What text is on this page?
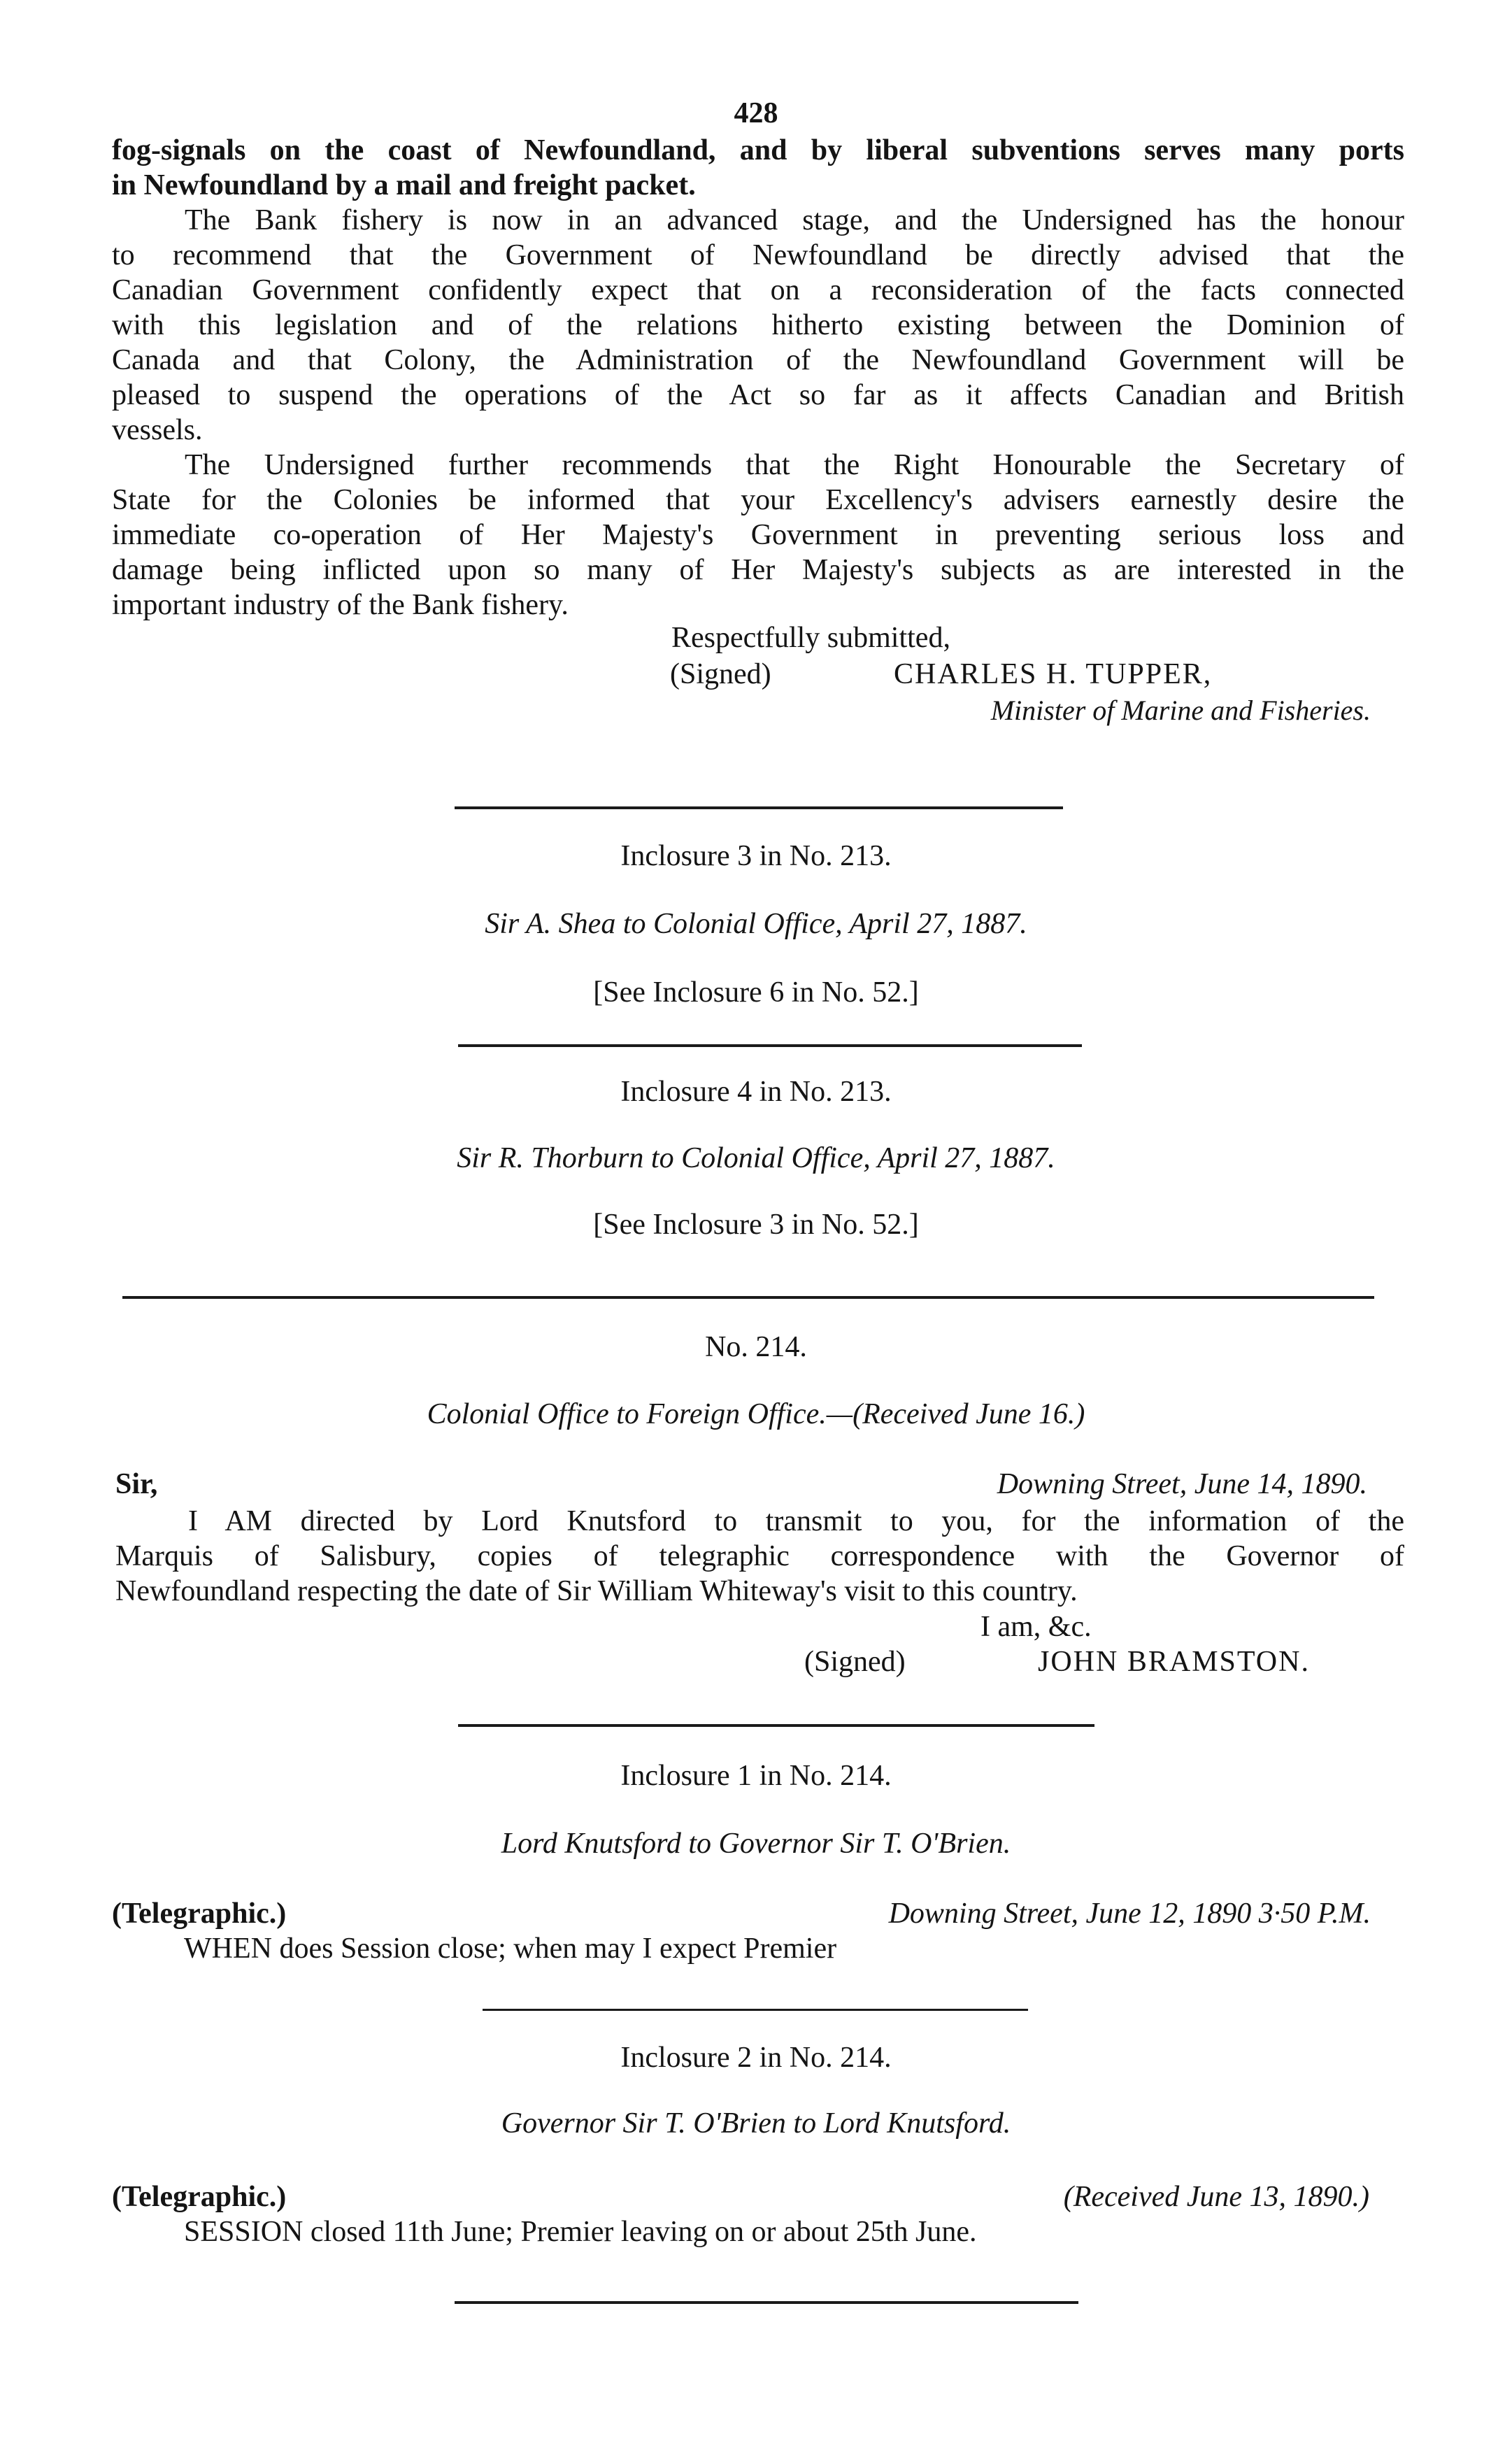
428
fog-signals on the coast of Newfoundland, and by liberal subventions serves many ports
in Newfoundland by a mail and freight packet.
The Bank fishery is now in an advanced stage, and the Undersigned has the honour
to recommend that the Government of Newfoundland be directly advised that the
Canadian Government confidently expect that on a reconsideration of the facts connected
with this legislation and of the relations hitherto existing between the Dominion of
Canada and that Colony, the Administration of the Newfoundland Government will be
pleased to suspend the operations of the Act so far as it affects Canadian and British
vessels.
The Undersigned further recommends that the Right Honourable the Secretary of
State for the Colonies be informed that your Excellency's advisers earnestly desire the
immediate co-operation of Her Majesty's Government in preventing serious loss and
damage being inflicted upon so many of Her Majesty's subjects as are interested in the
important industry of the Bank fishery.
Respectfully submitted,
(Signed)	CHARLES H. TUPPER,
Minister of Marine and Fisheries.
Inclosure 3 in No. 213.
Sir A. Shea to Colonial Office, April 27, 1887.
[See Inclosure 6 in No. 52.]
Inclosure 4 in No. 213.
Sir R. Thorburn to Colonial Office, April 27, 1887.
[See Inclosure 3 in No. 52.]
No. 214.
Colonial Office to Foreign Office.—(Received June 16.)
Sir,	Downing Street, June 14, 1890.
I AM directed by Lord Knutsford to transmit to you, for the information of the
Marquis of Salisbury, copies of telegraphic correspondence with the Governor of
Newfoundland respecting the date of Sir William Whiteway's visit to this country.
I am, &c.
(Signed)	JOHN BRAMSTON.
Inclosure 1 in No. 214.
Lord Knutsford to Governor Sir T. O'Brien.
(Telegraphic.)	Downing Street, June 12, 1890 3·50 P.M.
WHEN does Session close; when may I expect Premier
Inclosure 2 in No. 214.
Governor Sir T. O'Brien to Lord Knutsford.
(Telegraphic.)	(Received June 13, 1890.)
SESSION closed 11th June; Premier leaving on or about 25th June.
